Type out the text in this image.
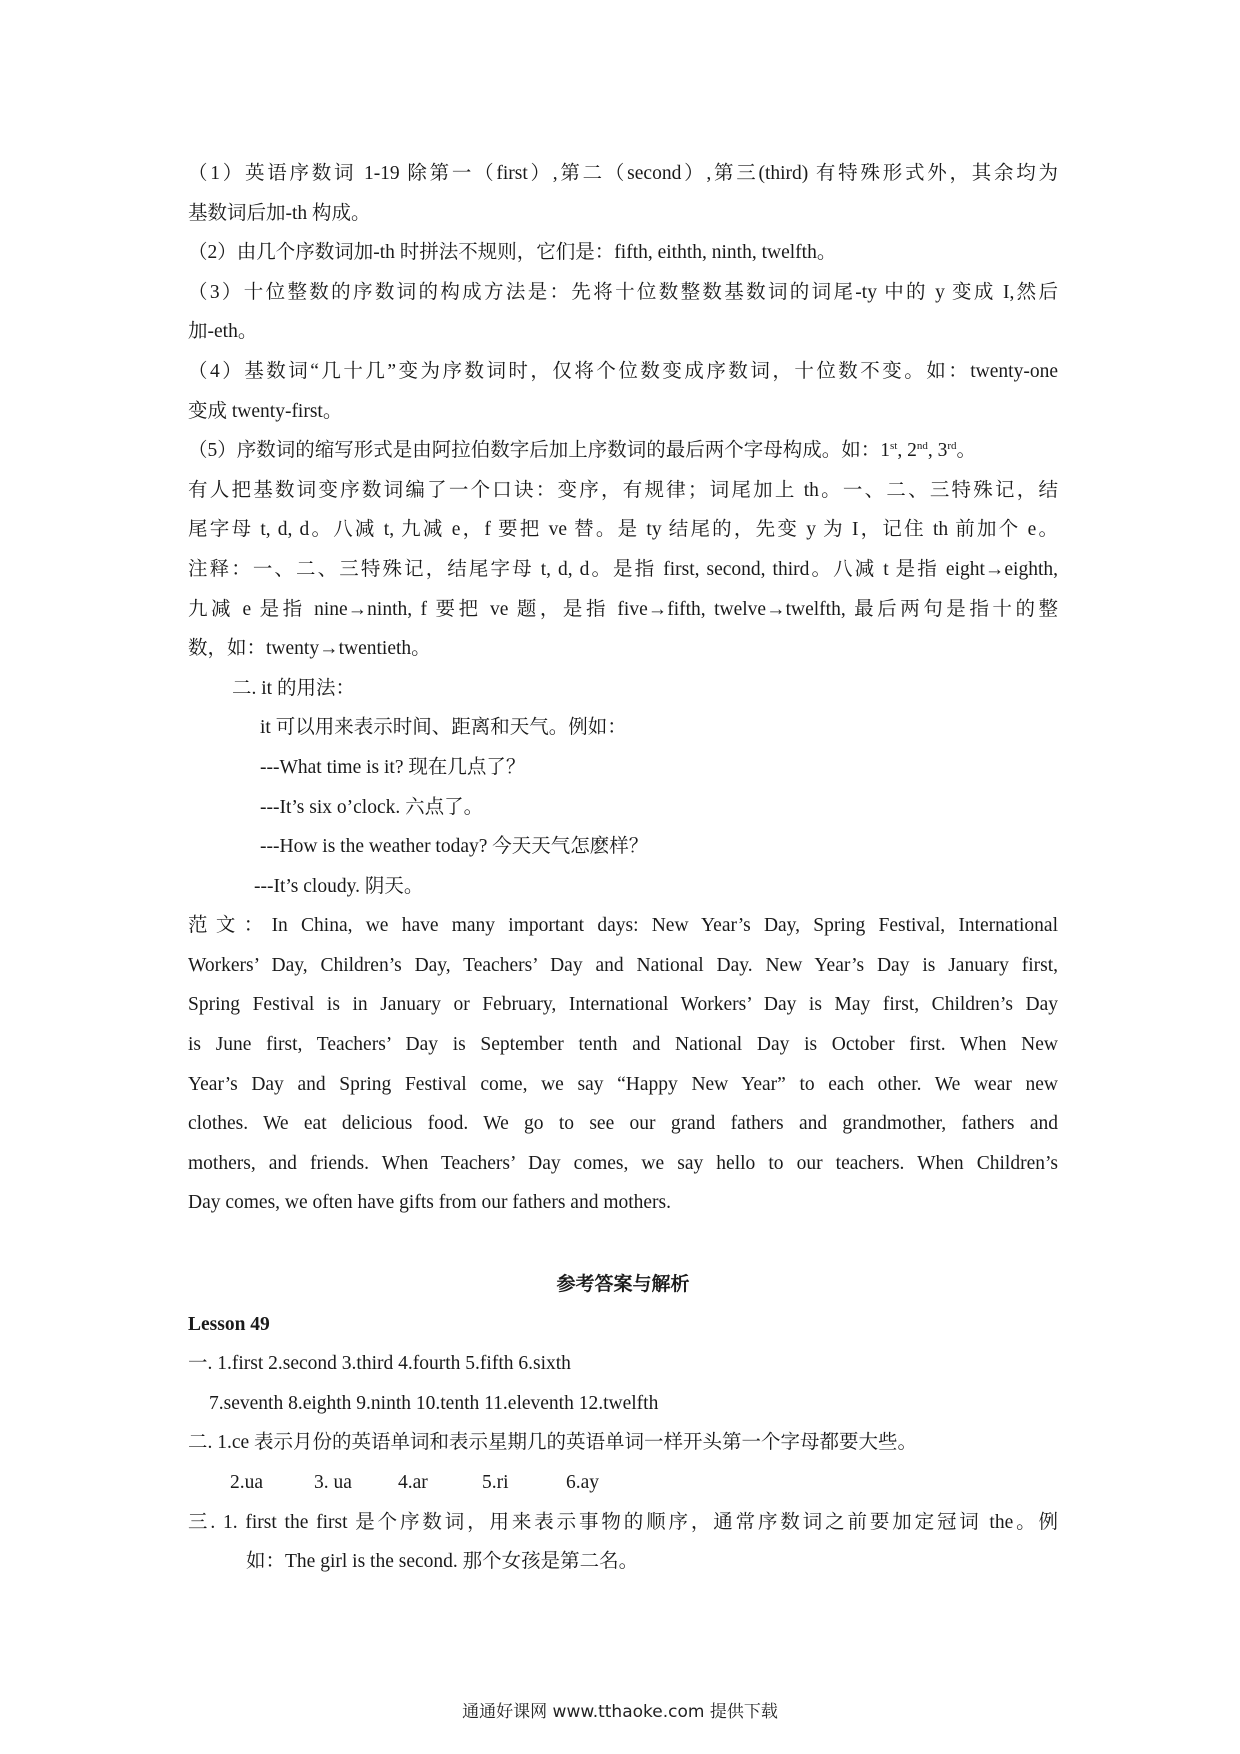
（1）英语序数词 1-19 除第一（first）,第二（second）,第三(third) 有特殊形式外，其余均为

基数词后加-th 构成。

（2）由几个序数词加-th 时拼法不规则，它们是：fifth, eithth, ninth, twelfth。

（3）十位整数的序数词的构成方法是：先将十位数整数基数词的词尾-ty 中的 y 变成 I,然后

加-eth。

（4）基数词“几十几”变为序数词时，仅将个位数变成序数词，十位数不变。如：twenty-one

变成 twenty-first。

（5）序数词的缩写形式是由阿拉伯数字后加上序数词的最后两个字母构成。如：1st, 2nd, 3rd。

有人把基数词变序数词编了一个口诀：变序，有规律；词尾加上 th。一、二、三特殊记，结

尾字母 t, d, d。八减 t, 九减 e，f 要把 ve 替。是 ty 结尾的，先变 y 为 I，记住 th 前加个 e。

注释：一、二、三特殊记，结尾字母 t, d, d。是指 first, second, third。八减 t 是指 eight→eighth,

九减 e 是指 nine→ninth, f 要把 ve 题，是指 five→fifth, twelve→twelfth, 最后两句是指十的整

数，如：twenty→twentieth。

二. it 的用法：

it 可以用来表示时间、距离和天气。例如：

---What time is it? 现在几点了？

---It’s six o’clock. 六点了。

---How is the weather today? 今天天气怎麽样？

---It’s cloudy. 阴天。

范文：In China, we have many important days: New Year’s Day, Spring Festival, International

Workers’ Day, Children’s Day, Teachers’ Day and National Day. New Year’s Day is January first,

Spring Festival is in January or February, International Workers’ Day is May first, Children’s Day

is June first, Teachers’ Day is September tenth and National Day is October first. When New

Year’s Day and Spring Festival come, we say “Happy New Year” to each other. We wear new

clothes. We eat delicious food. We go to see our grand fathers and grandmother, fathers and

mothers, and friends. When Teachers’ Day comes, we say hello to our teachers. When Children’s

Day comes, we often have gifts from our fathers and mothers.

参考答案与解析

Lesson 49

一. 1.first 2.second 3.third 4.fourth 5.fifth 6.sixth

7.seventh 8.eighth 9.ninth 10.tenth 11.eleventh 12.twelfth

二. 1.ce 表示月份的英语单词和表示星期几的英语单词一样开头第一个字母都要大些。

2.ua	3. ua 4.ar	5.ri	6.ay

三. 1. first the first 是个序数词，用来表示事物的顺序，通常序数词之前要加定冠词 the。例

如：The girl is the second. 那个女孩是第二名。

通通好课网 www.tthaoke.com 提供下载
